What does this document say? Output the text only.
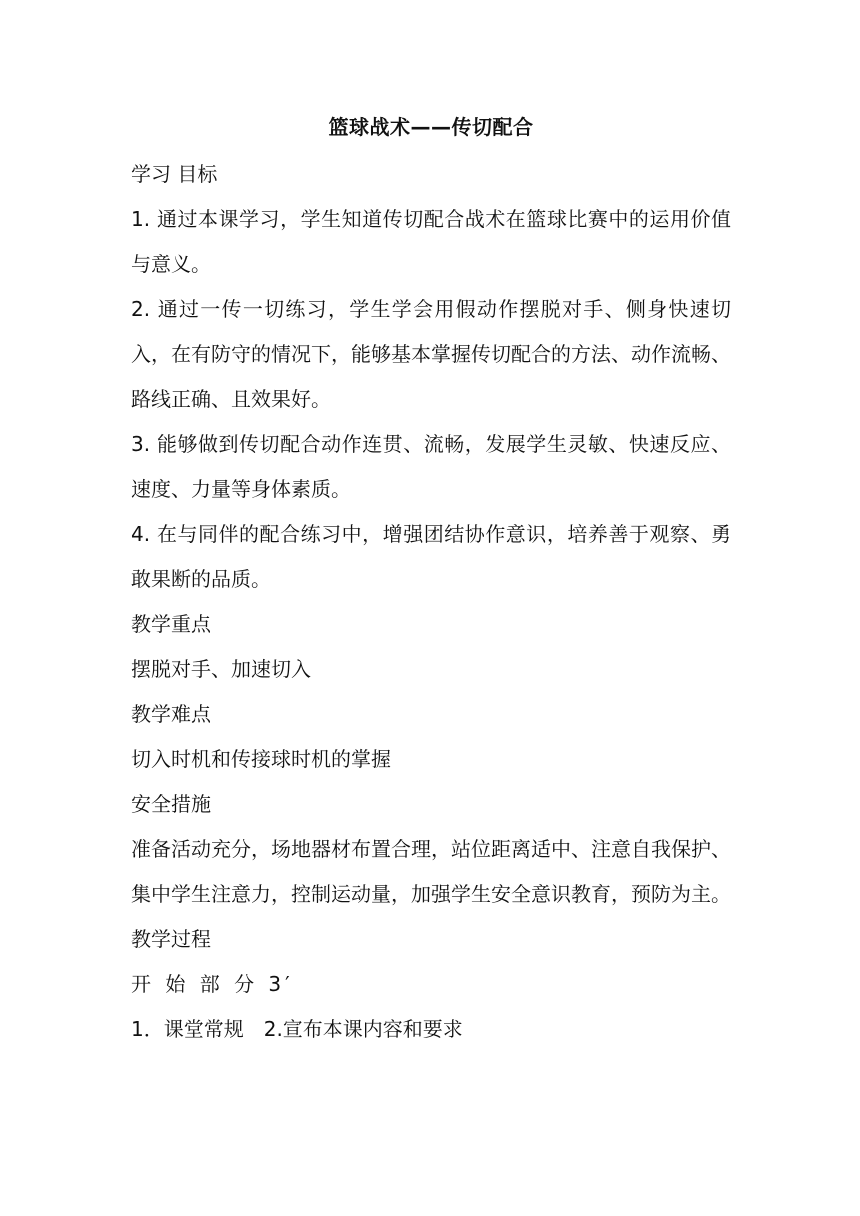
篮球战术——传切配合

学习 目标

1. 通过本课学习，学生知道传切配合战术在篮球比赛中的运用价值与意义。

2. 通过一传一切练习，学生学会用假动作摆脱对手、侧身快速切入，在有防守的情况下，能够基本掌握传切配合的方法、动作流畅、路线正确、且效果好。

3. 能够做到传切配合动作连贯、流畅，发展学生灵敏、快速反应、速度、力量等身体素质。

4. 在与同伴的配合练习中，增强团结协作意识，培养善于观察、勇敢果断的品质。

教学重点

摆脱对手、加速切入

教学难点

切入时机和传接球时机的掌握

安全措施

准备活动充分，场地器材布置合理，站位距离适中、注意自我保护、集中学生注意力，控制运动量，加强学生安全意识教育，预防为主。

教学过程

开 始 部 分 3′

1．课堂常规　2.宣布本课内容和要求
